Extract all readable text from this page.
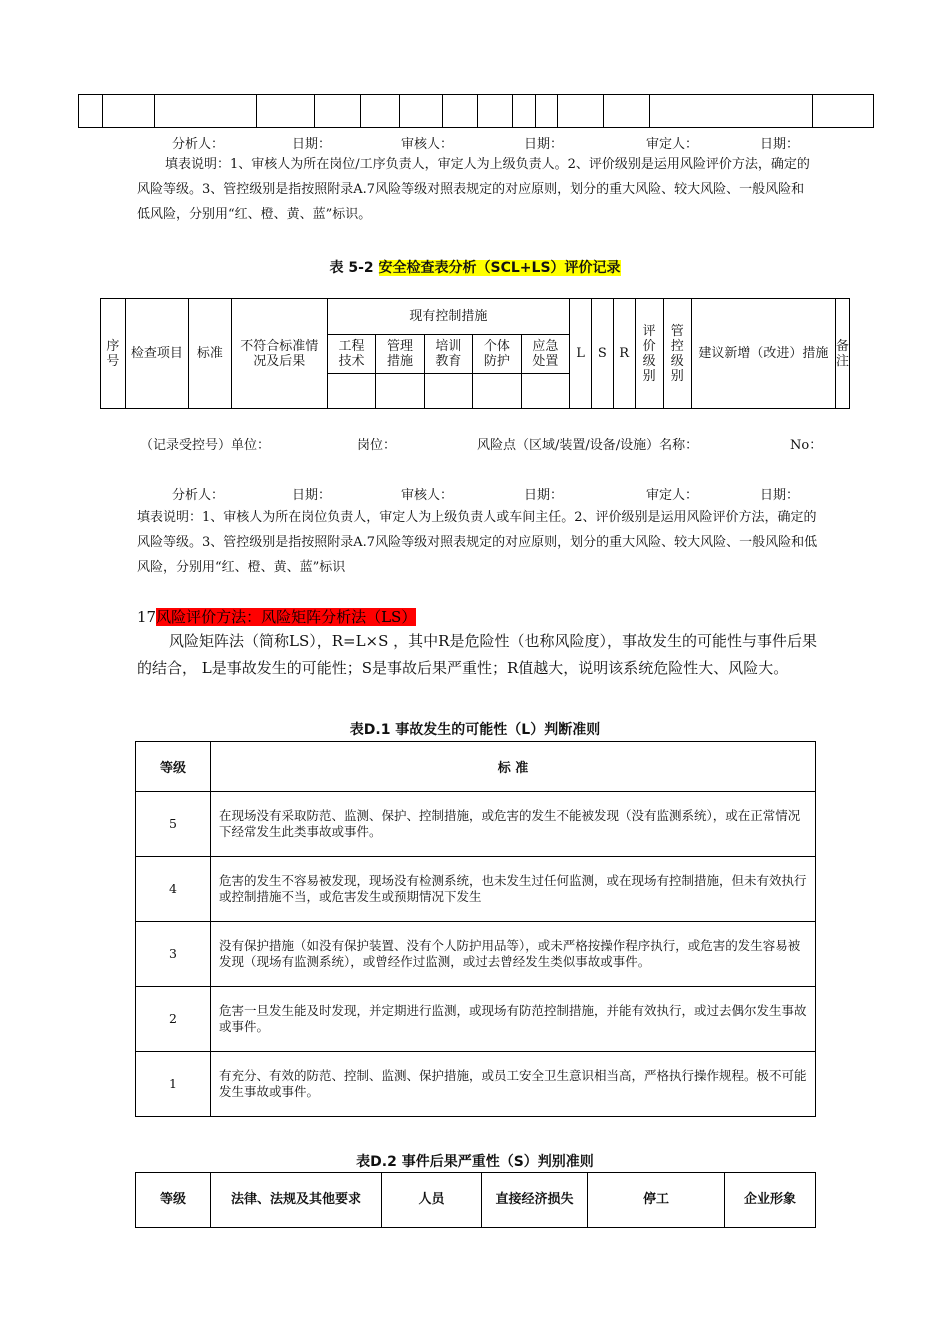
分析人：	日期：	审核人：	日期：	审定人：	日期：
填表说明：1、审核人为所在岗位/工序负责人，审定人为上级负责人。2、评价级别是运用风险评价方法，确定的风险等级。3、管控级别是指按照附录A.7风险等级对照表规定的对应原则，划分的重大风险、较大风险、一般风险和低风险，分别用“红、橙、黄、蓝”标识。
表 5-2 安全检查表分析（SCL+LS）评价记录
序号	检查项目	标准	不符合标准情况及后果	现有控制措施					L	S	R	评价级别	管控级别	建议新增（改进）措施	备注
				工程技术	管理措施	培训教育	个体防护	应急处置							

（记录受控号）单位：	岗位：	风险点（区域/装置/设备/设施）名称：	No：
分析人：	日期：	审核人：	日期：	审定人：	日期：
填表说明：1、审核人为所在岗位负责人，审定人为上级负责人或车间主任。2、评价级别是运用风险评价方法，确定的风险等级。3、管控级别是指按照附录A.7风险等级对照表规定的对应原则，划分的重大风险、较大风险、一般风险和低风险，分别用“红、橙、黄、蓝”标识
17风险评价方法：风险矩阵分析法（LS）
风险矩阵法（简称LS），R=L×S ，其中R是危险性（也称风险度），事故发生的可能性与事件后果的结合， L是事故发生的可能性；S是事故后果严重性；R值越大，说明该系统危险性大、风险大。
表D.1 事故发生的可能性（L）判断准则
等级	标 准
5	在现场没有采取防范、监测、保护、控制措施，或危害的发生不能被发现（没有监测系统），或在正常情况下经常发生此类事故或事件。
4	危害的发生不容易被发现，现场没有检测系统，也未发生过任何监测，或在现场有控制措施，但未有效执行或控制措施不当，或危害发生或预期情况下发生
3	没有保护措施（如没有保护装置、没有个人防护用品等），或未严格按操作程序执行，或危害的发生容易被发现（现场有监测系统），或曾经作过监测，或过去曾经发生类似事故或事件。
2	危害一旦发生能及时发现，并定期进行监测，或现场有防范控制措施，并能有效执行，或过去偶尔发生事故或事件。
1	有充分、有效的防范、控制、监测、保护措施，或员工安全卫生意识相当高，严格执行操作规程。极不可能发生事故或事件。
表D.2 事件后果严重性（S）判别准则
等级	法律、法规及其他要求	人员	直接经济损失	停工	企业形象
